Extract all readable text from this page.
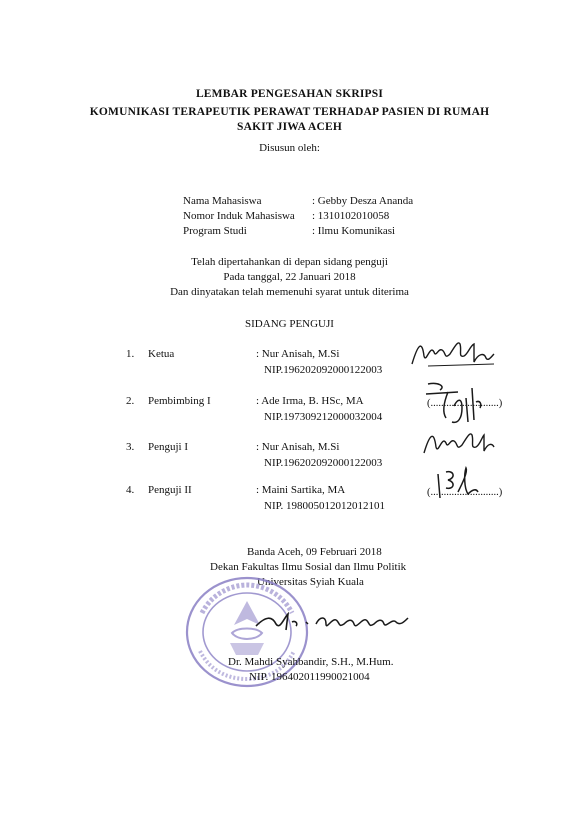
LEMBAR PENGESAHAN SKRIPSI
KOMUNIKASI TERAPEUTIK PERAWAT TERHADAP PASIEN DI RUMAH
SAKIT JIWA ACEH
Disusun oleh:
Nama Mahasiswa	: Gebby Desza Ananda
Nomor Induk Mahasiswa : 1310102010058
Program Studi	: Ilmu Komunikasi
Telah dipertahankan di depan sidang penguji
Pada tanggal, 22 Januari 2018
Dan dinyatakan telah memenuhi syarat untuk diterima
SIDANG PENGUJI
1. Ketua	: Nur Anisah, M.Si
NIP.196202092000122003
2. Pembimbing I	: Ade Irma, B. HSc, MA
NIP.197309212000032004
(..........................)
3. Penguji I	: Nur Anisah, M.Si
NIP.196202092000122003
4. Penguji II	: Maini Sartika, MA
NIP. 198005012012012101
(..........................)
Banda Aceh, 09 Februari 2018
Dekan Fakultas Ilmu Sosial dan Ilmu Politik
Universitas Syiah Kuala
Dr. Mahdi Syahbandir, S.H., M.Hum.
NIP. 196402011990021004
